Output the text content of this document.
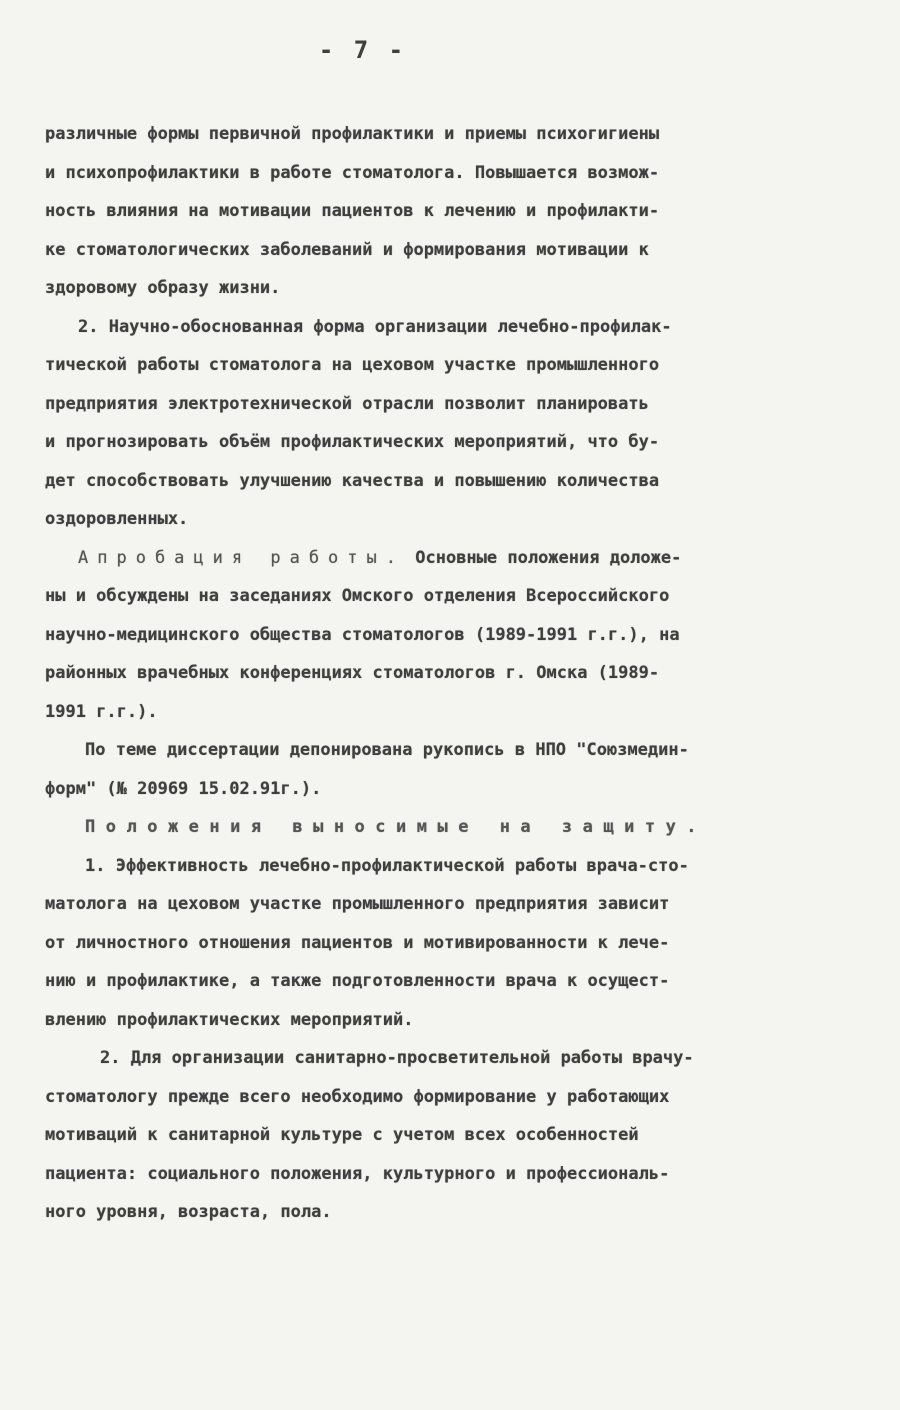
- 7 -
различные формы первичной профилактики и приемы психогигиены
и психопрофилактики в работе стоматолога. Повышается возмож-
ность влияния на мотивации пациентов к лечению и профилакти-
ке стоматологических заболеваний и формирования мотивации к
здоровому образу жизни.
2. Научно-обоснованная форма организации лечебно-профилак-
тической работы стоматолога на цеховом участке промышленного
предприятия электротехнической отрасли позволит планировать
и прогнозировать объём профилактических мероприятий, что бу-
дет способствовать улучшению качества и повышению количества
оздоровленных.
Апробация работы. Основные положения доложе-
ны и обсуждены на заседаниях Омского отделения Всероссийского
научно-медицинского общества стоматологов (1989-1991 г.г.), на
районных врачебных конференциях стоматологов г. Омска (1989-
1991 г.г.).
По теме диссертации депонирована рукопись в НПО "Союзмедин-
форм" (№ 20969 15.02.91г.).
Положения выносимые на защиту.
1. Эффективность лечебно-профилактической работы врача-сто-
матолога на цеховом участке промышленного предприятия зависит
от личностного отношения пациентов и мотивированности к лече-
нию и профилактике, а также подготовленности врача к осущест-
влению профилактических мероприятий.
2. Для организации санитарно-просветительной работы врачу-
стоматологу прежде всего необходимо формирование у работающих
мотиваций к санитарной культуре с учетом всех особенностей
пациента: социального положения, культурного и профессиональ-
ного уровня, возраста, пола.
